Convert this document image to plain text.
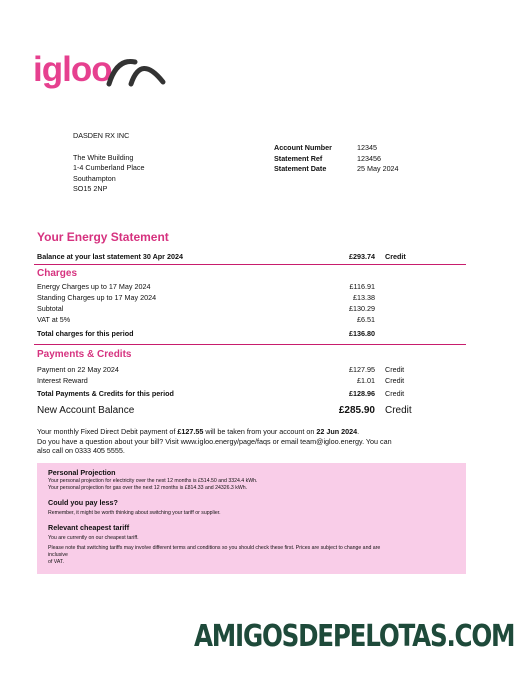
igloo
DASDEN RX INC
The White Building
1-4 Cumberland Place
Southampton
SO15 2NP
Account Number	12345
Statement Ref	123456
Statement Date	25 May 2024
Your Energy Statement
Balance at your last statement 30 Apr 2024	£293.74 Credit
Charges
Energy Charges up to 17 May 2024	£116.91
Standing Charges up to 17 May 2024	£13.38
Subtotal	£130.29
VAT at 5%	£6.51
Total charges for this period	£136.80
Payments & Credits
Payment on 22 May 2024	£127.95 Credit
Interest Reward	£1.01 Credit
Total Payments & Credits for this period	£128.96 Credit
New Account Balance	£285.90 Credit
Your monthly Fixed Direct Debit payment of £127.55 will be taken from your account on 22 Jun 2024.
Do you have a question about your bill? Visit www.igloo.energy/page/faqs or email team@igloo.energy. You can
also call on 0333 405 5555.
Personal Projection
Your personal projection for electricity over the next 12 months is £514.50 and 3324.4 kWh.
Your personal projection for gas over the next 12 months is £814.33 and 24326.3 kWh.
Could you pay less?
Remember, it might be worth thinking about switching your tariff or supplier.
Relevant cheapest tariff
You are currently on our cheapest tariff.
Please note that switching tariffs may involve different terms and conditions so you should check these first. Prices are subject to change and are
inclusive
of VAT.
AMIGOSDEPELOTAS.COM
